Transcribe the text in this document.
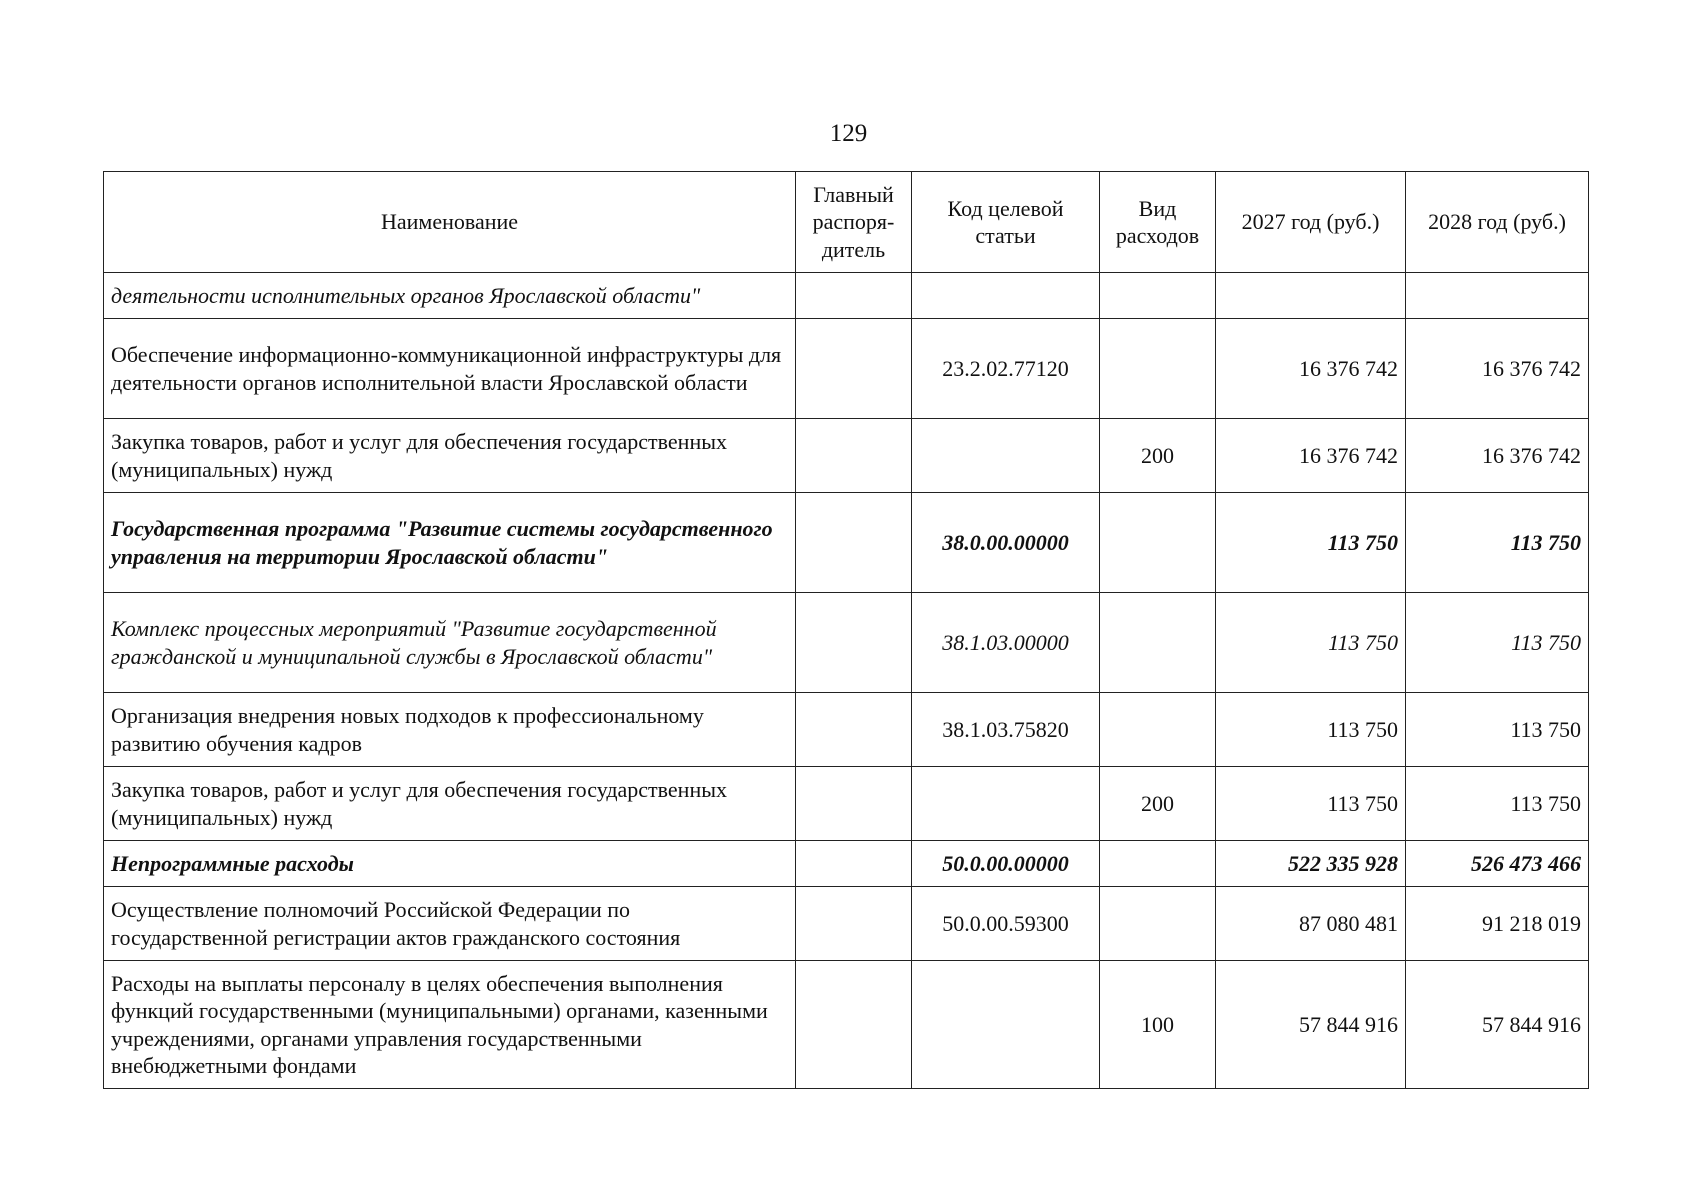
129
Наименование	Главный распоря-дитель	Код целевой статьи	Вид расходов	2027 год (руб.)	2028 год (руб.)
деятельности исполнительных органов Ярославской области"					
Обеспечение информационно-коммуникационной инфраструктуры для деятельности органов исполнительной власти Ярославской области		23.2.02.77120		16 376 742	16 376 742
Закупка товаров, работ и услуг для обеспечения государственных (муниципальных) нужд			200	16 376 742	16 376 742
Государственная программа "Развитие системы государственного управления на территории Ярославской области"		38.0.00.00000		113 750	113 750
Комплекс процессных мероприятий "Развитие государственной гражданской и муниципальной службы в Ярославской области"		38.1.03.00000		113 750	113 750
Организация внедрения новых подходов к профессиональному развитию обучения кадров		38.1.03.75820		113 750	113 750
Закупка товаров, работ и услуг для обеспечения государственных (муниципальных) нужд			200	113 750	113 750
Непрограммные расходы		50.0.00.00000		522 335 928	526 473 466
Осуществление полномочий Российской Федерации по государственной регистрации актов гражданского состояния		50.0.00.59300		87 080 481	91 218 019
Расходы на выплаты персоналу в целях обеспечения выполнения функций государственными (муниципальными) органами, казенными учреждениями, органами управления государственными внебюджетными фондами			100	57 844 916	57 844 916
